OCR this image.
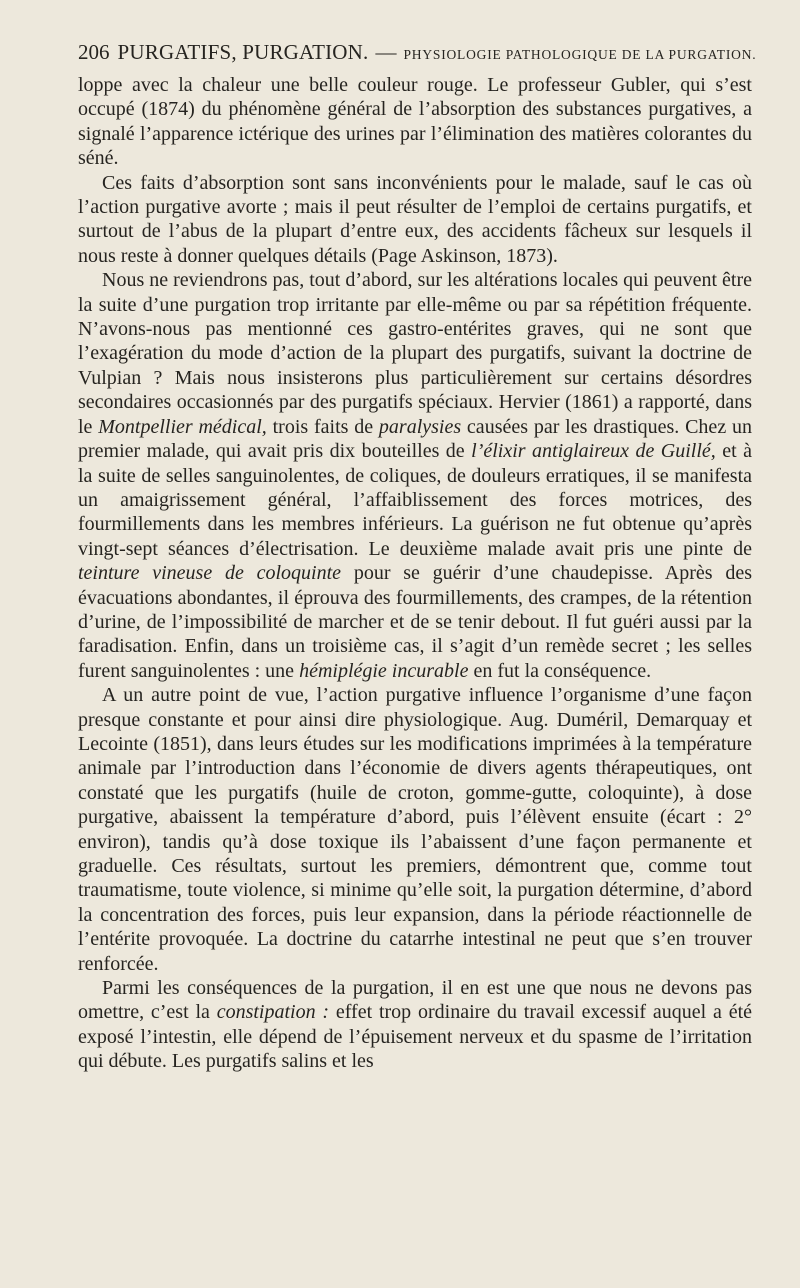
206 PURGATIFS, PURGATION. — PHYSIOLOGIE PATHOLOGIQUE DE LA PURGATION.

loppe avec la chaleur une belle couleur rouge. Le professeur Gubler, qui s’est occupé (1874) du phénomène général de l’absorption des substances purgatives, a signalé l’apparence ictérique des urines par l’élimination des matières colorantes du séné.

Ces faits d’absorption sont sans inconvénients pour le malade, sauf le cas où l’action purgative avorte ; mais il peut résulter de l’emploi de certains purgatifs, et surtout de l’abus de la plupart d’entre eux, des accidents fâcheux sur lesquels il nous reste à donner quelques détails (Page Askinson, 1873).

Nous ne reviendrons pas, tout d’abord, sur les altérations locales qui peuvent être la suite d’une purgation trop irritante par elle-même ou par sa répétition fréquente. N’avons-nous pas mentionné ces gastro-entérites graves, qui ne sont que l’exagération du mode d’action de la plupart des purgatifs, suivant la doctrine de Vulpian ? Mais nous insisterons plus particulièrement sur certains désordres secondaires occasionnés par des purgatifs spéciaux. Hervier (1861) a rapporté, dans le Montpellier médical, trois faits de paralysies causées par les drastiques. Chez un premier malade, qui avait pris dix bouteilles de l’élixir antiglaireux de Guillé, et à la suite de selles sanguinolentes, de coliques, de douleurs erratiques, il se manifesta un amaigrissement général, l’affaiblissement des forces motrices, des fourmillements dans les membres inférieurs. La guérison ne fut obtenue qu’après vingt-sept séances d’électrisation. Le deuxième malade avait pris une pinte de teinture vineuse de coloquinte pour se guérir d’une chaudepisse. Après des évacuations abondantes, il éprouva des fourmillements, des crampes, de la rétention d’urine, de l’impossibilité de marcher et de se tenir debout. Il fut guéri aussi par la faradisation. Enfin, dans un troisième cas, il s’agit d’un remède secret ; les selles furent sanguinolentes : une hémiplégie incurable en fut la conséquence.

A un autre point de vue, l’action purgative influence l’organisme d’une façon presque constante et pour ainsi dire physiologique. Aug. Duméril, Demarquay et Lecointe (1851), dans leurs études sur les modifications imprimées à la température animale par l’introduction dans l’économie de divers agents thérapeutiques, ont constaté que les purgatifs (huile de croton, gomme-gutte, coloquinte), à dose purgative, abaissent la température d’abord, puis l’élèvent ensuite (écart : 2° environ), tandis qu’à dose toxique ils l’abaissent d’une façon permanente et graduelle. Ces résultats, surtout les premiers, démontrent que, comme tout traumatisme, toute violence, si minime qu’elle soit, la purgation détermine, d’abord la concentration des forces, puis leur expansion, dans la période réactionnelle de l’entérite provoquée. La doctrine du catarrhe intestinal ne peut que s’en trouver renforcée.

Parmi les conséquences de la purgation, il en est une que nous ne devons pas omettre, c’est la constipation : effet trop ordinaire du travail excessif auquel a été exposé l’intestin, elle dépend de l’épuisement nerveux et du spasme de l’irritation qui débute. Les purgatifs salins et les
